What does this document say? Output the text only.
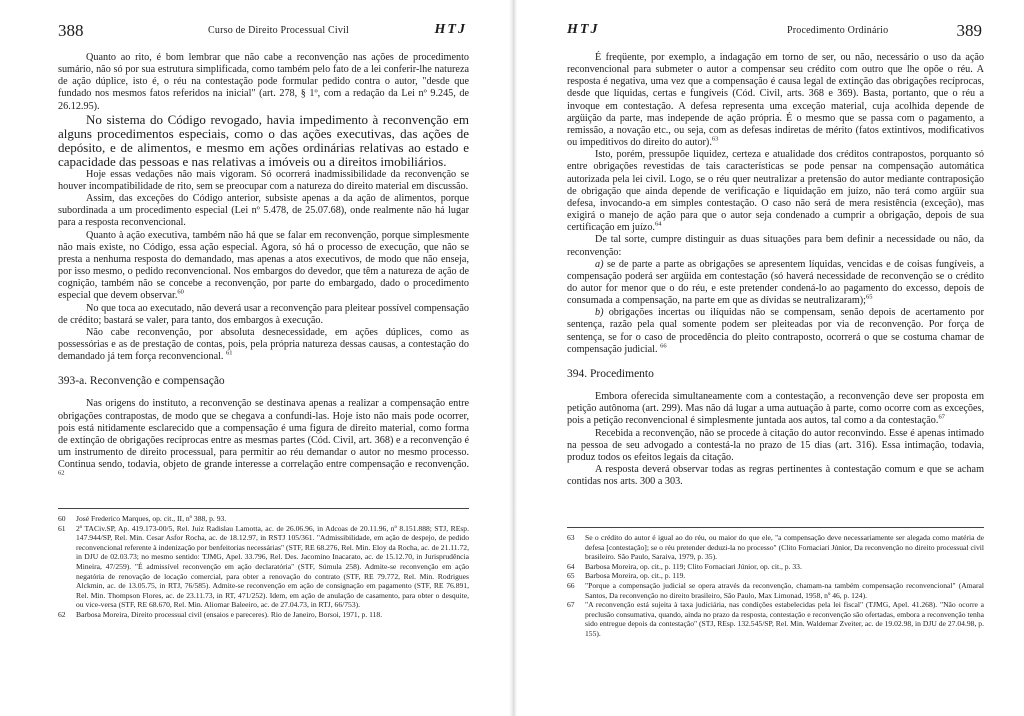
388	Curso de Direito Processual Civil	HTJ

Quanto ao rito, é bom lembrar que não cabe a reconvenção nas ações de procedimento sumário, não só por sua estrutura simplificada, como também pelo fato de a lei conferir-lhe natureza de ação dúplice, isto é, o réu na contestação pode formular pedido contra o autor, "desde que fundado nos mesmos fatos referidos na inicial" (art. 278, § 1º, com a redação da Lei nº 9.245, de 26.12.95).

No sistema do Código revogado, havia impedimento à reconvenção em alguns procedimentos especiais, como o das ações executivas, das ações de depósito, e de alimentos, e mesmo em ações ordinárias relativas ao estado e capacidade das pessoas e nas relativas a imóveis ou a direitos imobiliários.

Hoje essas vedações não mais vigoram. Só ocorrerá inadmissibilidade da reconvenção se houver incompatibilidade de rito, sem se preocupar com a natureza do direito material em discussão.

Assim, das exceções do Código anterior, subsiste apenas a da ação de alimentos, porque subordinada a um procedimento especial (Lei nº 5.478, de 25.07.68), onde realmente não há lugar para a resposta reconvencional.

Quanto à ação executiva, também não há que se falar em reconvenção, porque simplesmente não mais existe, no Código, essa ação especial. Agora, só há o processo de execução, que não se presta a nenhuma resposta do demandado, mas apenas a atos executivos, de modo que não enseja, por isso mesmo, o pedido reconvencional. Nos embargos do devedor, que têm a natureza de ação de cognição, também não se concebe a reconvenção, por parte do embargado, dado o procedimento especial que devem observar.$^{60}$

No que toca ao executado, não deverá usar a reconvenção para pleitear possível compensação de crédito; bastará se valer, para tanto, dos embargos à execução.

Não cabe reconvenção, por absoluta desnecessidade, em ações dúplices, como as possessórias e as de prestação de contas, pois, pela própria natureza dessas causas, a contestação do demandado já tem força reconvencional. $^{61}$

393-a. Reconvenção e compensação

Nas origens do instituto, a reconvenção se destinava apenas a realizar a compensação entre obrigações contrapostas, de modo que se chegava a confundi-las. Hoje isto não mais pode ocorrer, pois está nitidamente esclarecido que a compensação é uma figura de direito material, como forma de extinção de obrigações recíprocas entre as mesmas partes (Cód. Civil, art. 368) e a reconvenção é um instrumento de direito processual, para permitir ao réu demandar o autor no mesmo processo. Continua sendo, todavia, objeto de grande interesse a correlação entre compensação e reconvenção. $^{62}$

60	José Frederico Marques, op. cit., II, nº 388, p. 93.
61	2º TACiv.SP, Ap. 419.173-00/5, Rel. Juiz Radislau Lamotta, ac. de 26.06.96, in Adcoas de 20.11.96, nº 8.151.888; STJ, REsp. 147.944/SP, Rel. Min. Cesar Asfor Rocha, ac. de 18.12.97, in RSTJ 105/361. "Admissibilidade, em ação de despejo, de pedido reconvencional referente à indenização por benfeitorias necessárias" (STF, RE 68.276, Rel. Min. Eloy da Rocha, ac. de 21.11.72, in DJU de 02.03.73; no mesmo sentido: TJMG, Apel. 33.796, Rel. Des. Jacomino Inacarato, ac. de 15.12.70, in Jurisprudência Mineira, 47/259). "É admissível reconvenção em ação declaratória" (STF, Súmula 258). Admite-se reconvenção em ação negatória de renovação de locação comercial, para obter a renovação do contrato (STF, RE 79.772, Rel. Min. Rodrigues Alckmin, ac. de 13.05.75, in RTJ, 76/585). Admite-se reconvenção em ação de consignação em pagamento (STF, RE 76.891, Rel. Min. Thompson Flores, ac. de 23.11.73, in RT, 471/252). Idem, em ação de anulação de casamento, para obter o desquite, ou vice-versa (STF, RE 68.670, Rel. Min. Aliomar Baleeiro, ac. de 27.04.73, in RTJ, 66/753).
62	Barbosa Moreira, Direito processual civil (ensaios e pareceres). Rio de Janeiro, Borsoi, 1971, p. 118.
HTJ	Procedimento Ordinário	389

É freqüente, por exemplo, a indagação em torno de ser, ou não, necessário o uso da ação reconvencional para submeter o autor a compensar seu crédito com outro que lhe opõe o réu. A resposta é negativa, uma vez que a compensação é causa legal de extinção das obrigações recíprocas, desde que líquidas, certas e fungíveis (Cód. Civil, arts. 368 e 369). Basta, portanto, que o réu a invoque em contestação. A defesa representa uma exceção material, cuja acolhida depende de argüição da parte, mas independe de ação própria. É o mesmo que se passa com o pagamento, a remissão, a novação etc., ou seja, com as defesas indiretas de mérito (fatos extintivos, modificativos ou impeditivos do direito do autor).$^{63}$

Isto, porém, pressupõe liquidez, certeza e atualidade dos créditos contrapostos, porquanto só entre obrigações revestidas de tais características se pode pensar na compensação automática autorizada pela lei civil. Logo, se o réu quer neutralizar a pretensão do autor mediante contraposição de obrigação que ainda depende de verificação e liquidação em juízo, não terá como argüir sua defesa, invocando-a em simples contestação. O caso não será de mera resistência (exceção), mas exigirá o manejo de ação para que o autor seja condenado a cumprir a obrigação, depois de sua certificação em juízo.$^{64}$

De tal sorte, cumpre distinguir as duas situações para bem definir a necessidade ou não, da reconvenção:

a) se de parte a parte as obrigações se apresentem líquidas, vencidas e de coisas fungíveis, a compensação poderá ser argüida em contestação (só haverá necessidade de reconvenção se o crédito do autor for menor que o do réu, e este pretender condená-lo ao pagamento do excesso, depois de consumada a compensação, na parte em que as dívidas se neutralizaram);$^{65}$

b) obrigações incertas ou ilíquidas não se compensam, senão depois de acertamento por sentença, razão pela qual somente podem ser pleiteadas por via de reconvenção. Por força de sentença, se for o caso de procedência do pleito contraposto, ocorrerá o que se costuma chamar de compensação judicial. $^{66}$

394. Procedimento

Embora oferecida simultaneamente com a contestação, a reconvenção deve ser proposta em petição autônoma (art. 299). Mas não dá lugar a uma autuação à parte, como ocorre com as exceções, pois a petição reconvencional é simplesmente juntada aos autos, tal como a da contestação.$^{67}$

Recebida a reconvenção, não se procede à citação do autor reconvindo. Esse é apenas intimado na pessoa de seu advogado a contestá-la no prazo de 15 dias (art. 316). Essa intimação, todavia, produz todos os efeitos legais da citação.

A resposta deverá observar todas as regras pertinentes à contestação comum e que se acham contidas nos arts. 300 a 303.

63	Se o crédito do autor é igual ao do réu, ou maior do que ele, "a compensação deve necessariamente ser alegada como matéria de defesa [contestação]; se o réu pretender deduzi-la no processo" (Clito Fornaciari Júnior, Da reconvenção no direito processual civil brasileiro. São Paulo, Saraiva, 1979, p. 35).
64	Barbosa Moreira, op. cit., p. 119; Clito Fornaciari Júnior, op. cit., p. 33.
65	Barbosa Moreira, op. cit., p. 119.
66	"Porque a compensação judicial se opera através da reconvenção, chamam-na também compensação reconvencional" (Amaral Santos, Da reconvenção no direito brasileiro, São Paulo, Max Limonad, 1958, nº 46, p. 124).
67	"A reconvenção está sujeita à taxa judiciária, nas condições estabelecidas pela lei fiscal" (TJMG, Apel. 41.268). "Não ocorre a preclusão consumativa, quando, ainda no prazo da resposta, contestação e reconvenção são ofertadas, embora a reconvenção tenha sido entregue depois da contestação" (STJ, REsp. 132.545/SP, Rel. Min. Waldemar Zveiter, ac. de 19.02.98, in DJU de 27.04.98, p. 155).
